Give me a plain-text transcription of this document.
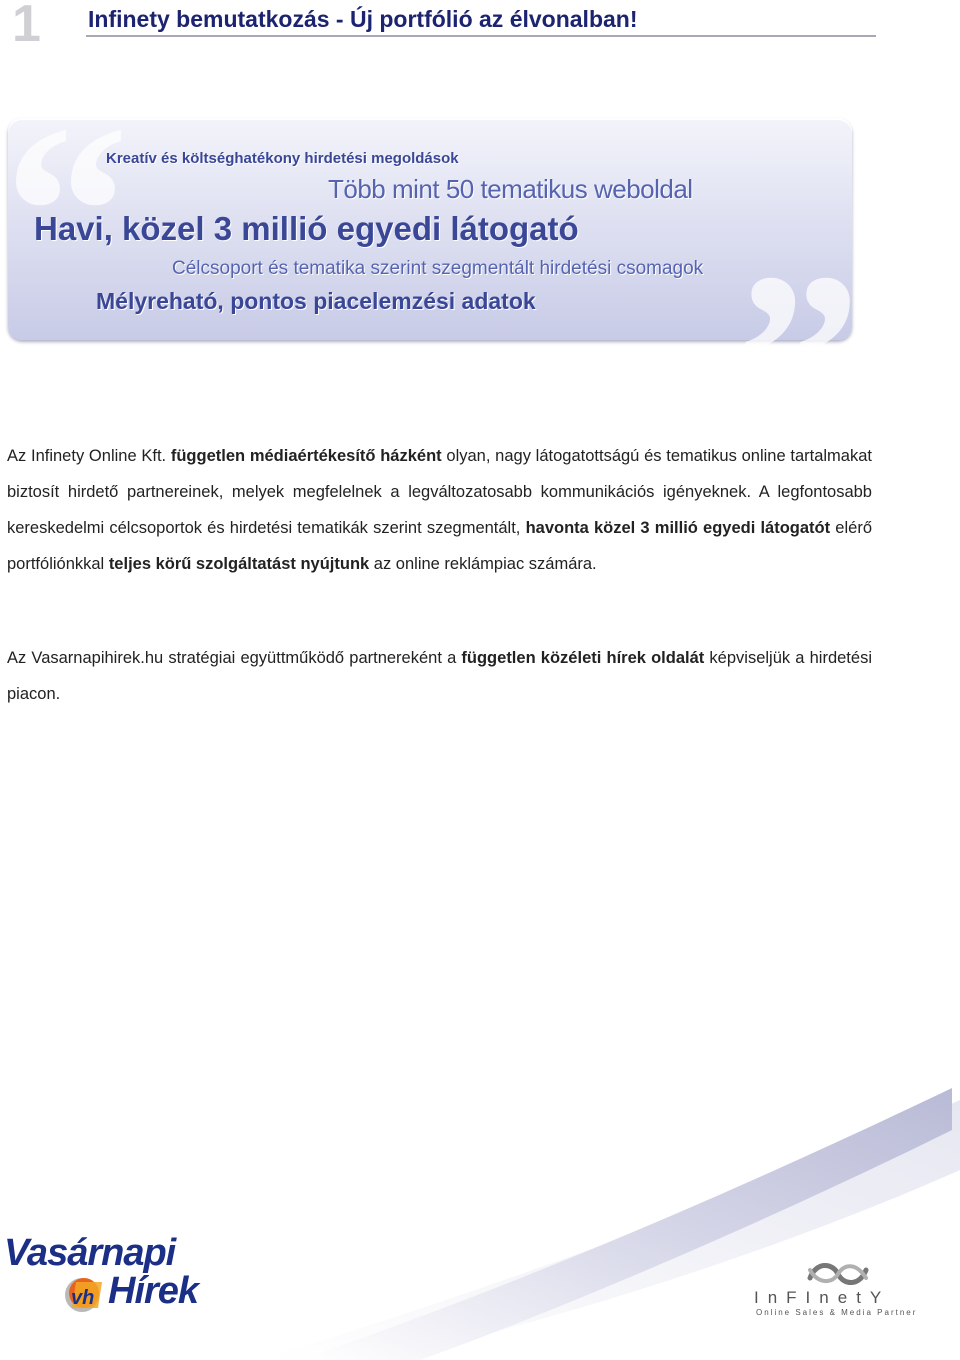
1 Infinety bemutatkozás - Új portfólió az élvonalban!
“
”
Kreatív és költséghatékony hirdetési megoldások
Több mint 50 tematikus weboldal
Havi, közel 3 millió egyedi látogató
Célcsoport és tematika szerint szegmentált hirdetési csomagok
Mélyreható, pontos piacelemzési adatok

Az Infinety Online Kft. független médiaértékesítő házként olyan, nagy látogatottságú és tematikus online tartalmakat biztosít hirdető partnereinek, melyek megfelelnek a legváltozatosabb kommunikációs igényeknek. A legfontosabb kereskedelmi célcsoportok és hirdetési tematikák szerint szegmentált, havonta közel 3 millió egyedi látogatót elérő portfóliónkkal teljes körű szolgáltatást nyújtunk az online reklámpiac számára.

Az Vasarnapihirek.hu stratégiai együttműködő partnereként a független közéleti hírek oldalát képviseljük a hirdetési piacon.

Vasárnapi
vh Hírek	InFInetY
Online Sales & Media Partner
